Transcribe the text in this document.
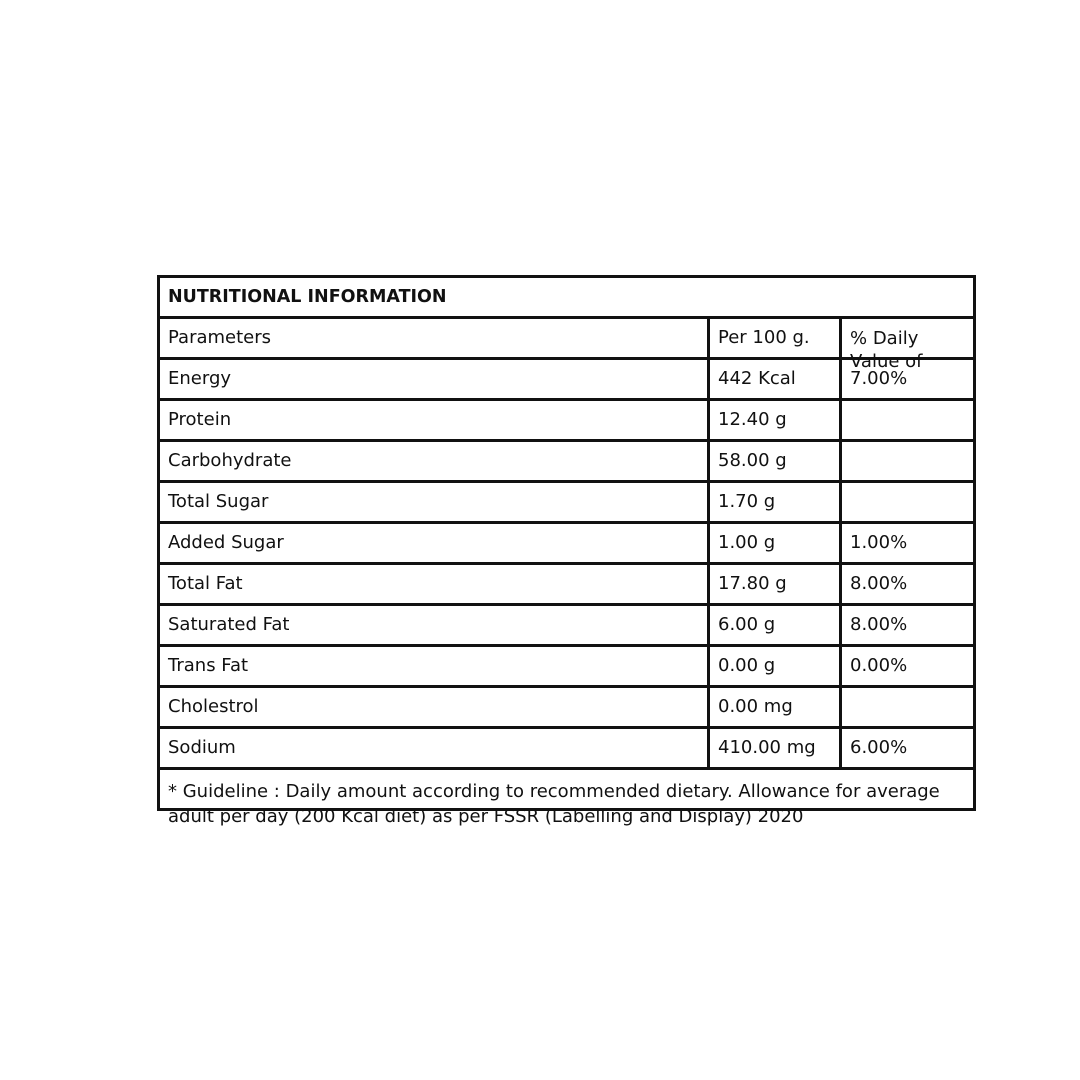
NUTRITIONAL INFORMATION		
Parameters	Per 100 g.	% Daily Value of

Energy	442 Kcal	7.00%
Protein	12.40 g	
Carbohydrate	58.00 g	
Total Sugar	1.70 g	
Added Sugar	1.00 g	1.00%
Total Fat	17.80 g	8.00%
Saturated Fat	6.00 g	8.00%
Trans Fat	0.00 g	0.00%
Cholestrol	0.00 mg	
Sodium	410.00 mg	6.00%

* Guideline : Daily amount according to recommended dietary. Allowance for average adult per day (200 Kcal diet) as per FSSR (Labelling and Display) 2020		
